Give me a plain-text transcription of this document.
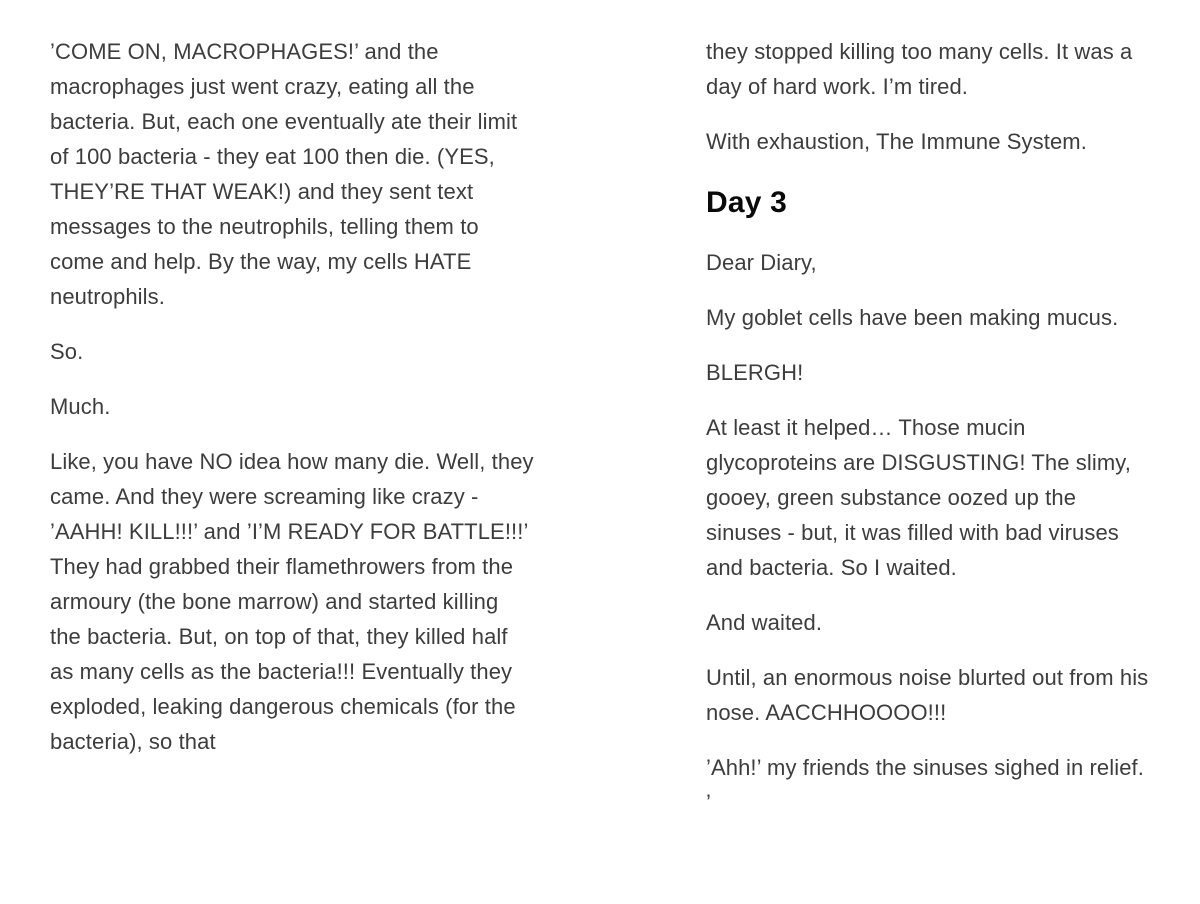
’COME ON, MACROPHAGES!’ and the macrophages just went crazy, eating all the bacteria. But, each one eventually ate their limit of 100 bacteria - they eat 100 then die. (YES, THEY’RE THAT WEAK!) and they sent text messages to the neutrophils, telling them to come and help. By the way, my cells HATE neutrophils.

So.

Much.

Like, you have NO idea how many die. Well, they came. And they were screaming like crazy - ’AAHH! KILL!!!’ and ’I’M READY FOR BATTLE!!!’ They had grabbed their flamethrowers from the armoury (the bone marrow) and started killing the bacteria. But, on top of that, they killed half as many cells as the bacteria!!! Eventually they exploded, leaking dangerous chemicals (for the bacteria), so that

they stopped killing too many cells. It was a day of hard work. I’m tired.

With exhaustion, The Immune System.

Day 3

Dear Diary,

My goblet cells have been making mucus.

BLERGH!

At least it helped… Those mucin glycoproteins are DISGUSTING! The slimy, gooey, green substance oozed up the sinuses - but, it was filled with bad viruses and bacteria. So I waited.

And waited.

Until, an enormous noise blurted out from his nose. AACCHHOOOO!!!

’Ahh!’ my friends the sinuses sighed in relief. ’
